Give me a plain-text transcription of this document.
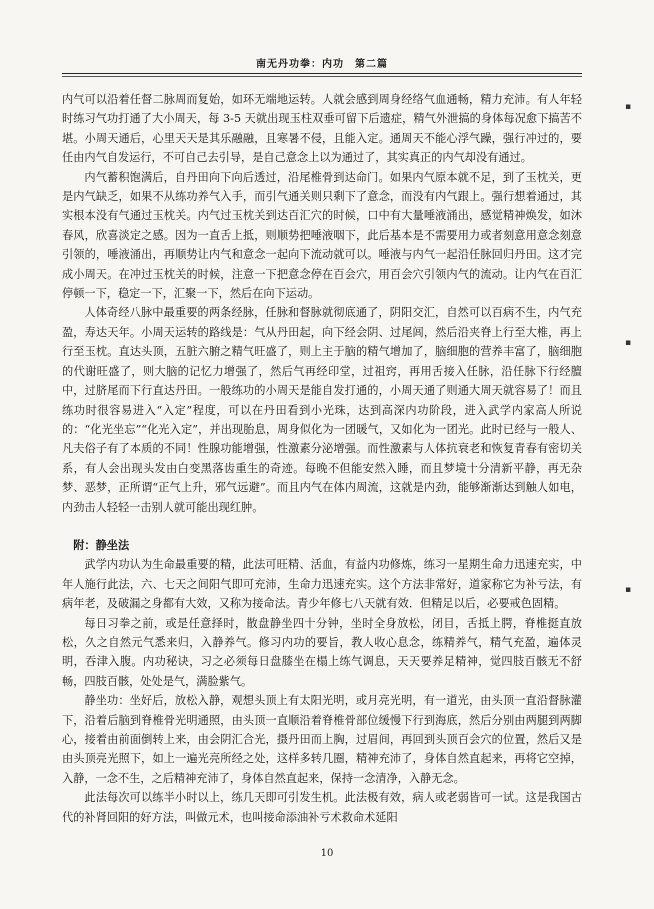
南无丹功拳：内功　第二篇

内气可以沿着任督二脉周而复始，如环无端地运转。人就会感到周身经络气血通畅，精力充沛。有人年轻时练习气功打通了大小周天，每 3-5 天就出现玉柱双垂可留下后遗症，精气外泄搞的身体每况愈下搞苦不堪。小周天通后，心里天天是其乐融融，且寒暑不侵，且能入定。通周天不能心浮气躁，强行冲过的，要任由内气自发运行，不可自己去引导，是自己意念上以为通过了，其实真正的内气却没有通过。

内气蓄积饱满后，自丹田向下向后透过，沿尾椎骨到达命门。如果内气原本就不足，到了玉枕关，更是内气缺乏，如果不从练功养气入手，而引气通关则只剩下了意念，而没有内气跟上。强行想着通过，其实根本没有气通过玉枕关。内气过玉枕关到达百汇穴的时候，口中有大量唾液涌出，感觉精神焕发，如沐春风，欣喜淡定之感。因为一直舌上抵，则顺势把唾液咽下，此后基本是不需要用力或者刻意用意念刻意引领的，唾液涌出，再顺势让内气和意念一起向下流动就可以。唾液与内气一起沿任脉回归丹田。这才完成小周天。在冲过玉枕关的时候，注意一下把意念停在百会穴，用百会穴引领内气的流动。让内气在百汇停顿一下，稳定一下，汇聚一下，然后在向下运动。

人体奇经八脉中最重要的两条经脉，任脉和督脉就彻底通了，阴阳交汇，自然可以百病不生，内气充盈，寿达天年。小周天运转的路线是：气从丹田起，向下经会阴、过尾闾，然后沿夹脊上行至大椎，再上行至玉枕。直达头顶，五脏六腑之精气旺盛了，则上主于脑的精气增加了，脑细胞的营养丰富了，脑细胞的代谢旺盛了，则大脑的记忆力增强了，然后气再经印堂，过祖窍，再用舌接入任脉，沿任脉下行经膻中，过脐尾而下行直达丹田。一般练功的小周天是能自发打通的，小周天通了则通大周天就容易了！而且练功时很容易进入“入定”程度，可以在丹田看到小光珠，达到高深内功阶段，进入武学内家高人所说的：“化光坐忘”“化光入定”，并出现胎息，周身似化为一团暖气，又如化为一团光。此时已经与一般人、凡夫俗子有了本质的不同！性腺功能增强，性激素分泌增强。而性激素与人体抗衰老和恢复青春有密切关系，有人会出现头发由白变黑落齿重生的奇迹。每晚不但能安然入睡，而且梦境十分清新平静，再无杂梦、恶梦，正所谓“正气上升，邪气远避”。而且内气在体内周流，这就是内劲，能够渐渐达到触人如电，内劲击人轻轻一击别人就可能出现红肿。

附：静坐法

武学内功认为生命最重要的精，此法可旺精、活血，有益内功修炼，练习一星期生命力迅速充实，中年人施行此法，六、七天之间阳气即可充沛，生命力迅速充实。这个方法非常好，道家称它为补亏法，有病年老，及破漏之身都有大效，又称为接命法。青少年修七八天就有效．但精足以后，必要戒色固精。

每日习拳之前，或是任意择时，散盘静坐四十分钟，坐时全身放松，闭目，舌抵上腭，脊椎挺直放松，久之自然元气悉来归，入静养气。修习内功的要旨，教人收心息念，练精养气，精气充盈，遍体灵明，吞津入腹。内功秘诀，习之必须每日盘膝坐在榻上练气调息，天天要养足精神，觉四肢百骸无不舒畅，四肢百骸，处处是气，满脸紫气。

静坐功：坐好后，放松入静，观想头顶上有太阳光明，或月亮光明，有一道光，由头顶一直沿督脉灌下，沿着后脑到脊椎骨光明通照，由头顶一直顺沿着脊椎骨部位缓慢下行到海底，然后分别由两腿到两脚心，接着由前面倒转上来，由会阴汇合光，摄丹田而上胸，过眉间，再回到头顶百会穴的位置，然后又是由头顶亮光照下，如上一遍光亮所经之处，这样多转几圈，精神充沛了，身体自然直起来，再将它空掉，入静，一念不生，之后精神充沛了，身体自然直起来，保持一念清净，入静无念。

此法每次可以练半小时以上，练几天即可引发生机。此法极有效，病人或老弱皆可一试。这是我国古代的补肾回阳的好方法，叫做元术，也叫接命添油补亏术救命术延阳

10
▪
▪
▪
